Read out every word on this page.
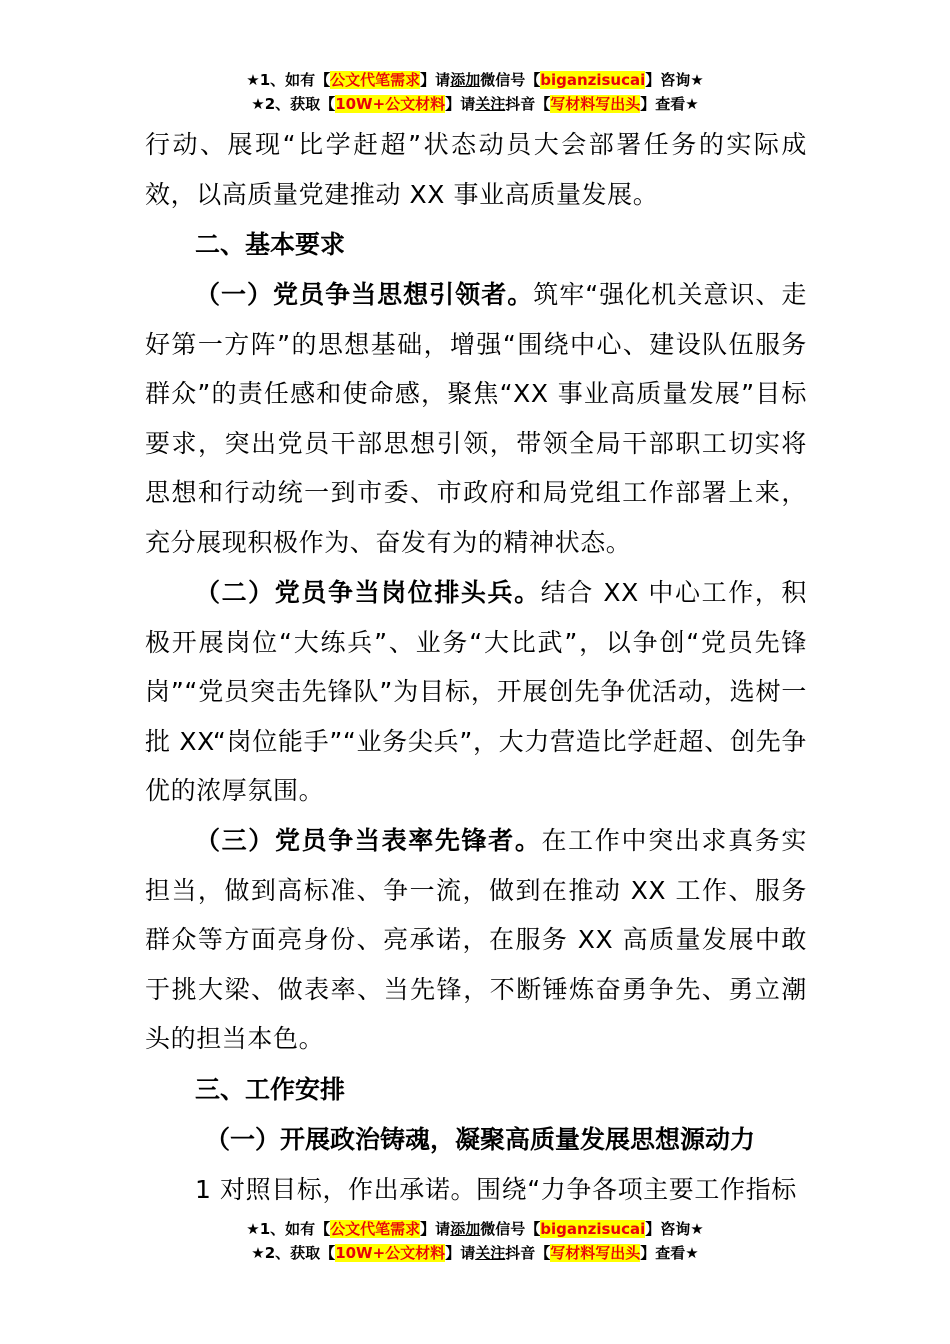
★1、如有【公文代笔需求】请添加微信号【biganzisucai】咨询★
★2、获取【10W+公文材料】请关注抖音【写材料写出头】查看★

行动、展现“比学赶超”状态动员大会部署任务的实际成效，以高质量党建推动 XX 事业高质量发展。

二、基本要求

（一）党员争当思想引领者。筑牢“强化机关意识、走好第一方阵”的思想基础，增强“围绕中心、建设队伍服务群众”的责任感和使命感，聚焦“XX 事业高质量发展”目标要求，突出党员干部思想引领，带领全局干部职工切实将思想和行动统一到市委、市政府和局党组工作部署上来，充分展现积极作为、奋发有为的精神状态。

（二）党员争当岗位排头兵。结合 XX 中心工作，积极开展岗位“大练兵”、业务“大比武”，以争创“党员先锋岗”“党员突击先锋队”为目标，开展创先争优活动，选树一批 XX“岗位能手”“业务尖兵”，大力营造比学赶超、创先争优的浓厚氛围。

（三）党员争当表率先锋者。在工作中突出求真务实担当，做到高标准、争一流，做到在推动 XX 工作、服务群众等方面亮身份、亮承诺，在服务 XX 高质量发展中敢于挑大梁、做表率、当先锋，不断锤炼奋勇争先、勇立潮头的担当本色。

三、工作安排

（一）开展政治铸魂，凝聚高质量发展思想源动力

1 对照目标，作出承诺。围绕“力争各项主要工作指标

★1、如有【公文代笔需求】请添加微信号【biganzisucai】咨询★
★2、获取【10W+公文材料】请关注抖音【写材料写出头】查看★
